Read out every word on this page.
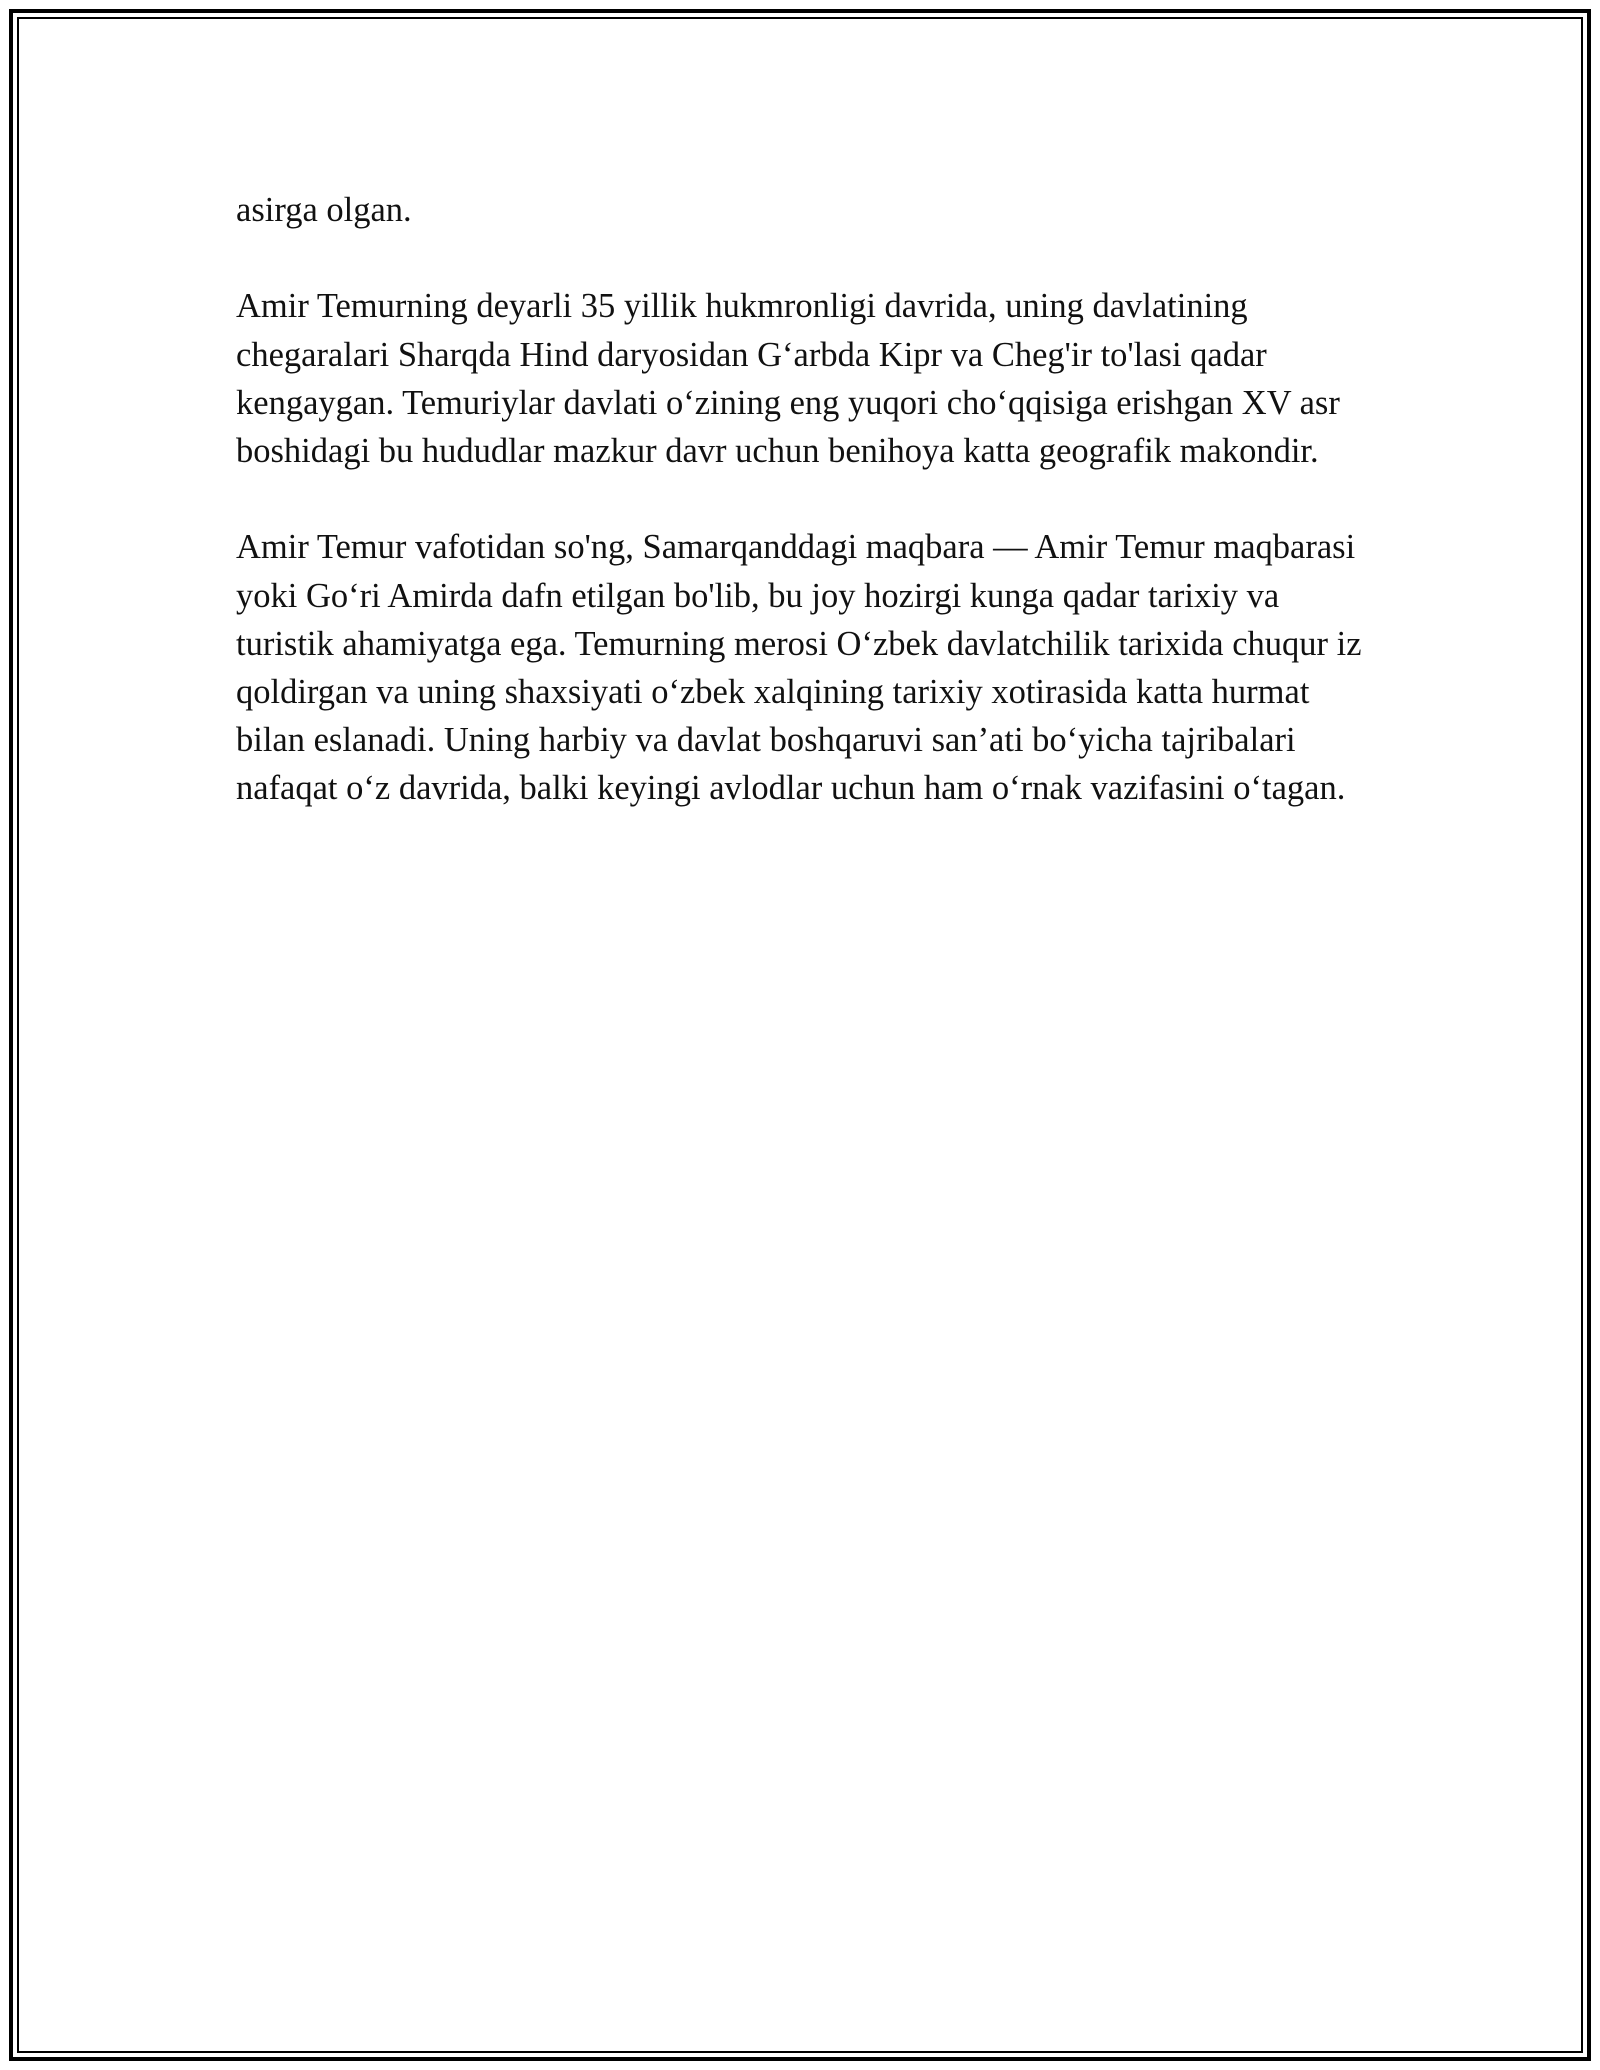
asirga olgan.

Amir Temurning deyarli 35 yillik hukmronligi davrida, uning davlatining chegaralari Sharqda Hind daryosidan G‘arbda Kipr va Cheg'ir to'lasi qadar kengaygan. Temuriylar davlati o‘zining eng yuqori cho‘qqisiga erishgan XV asr boshidagi bu hududlar mazkur davr uchun benihoya katta geografik makondir.

Amir Temur vafotidan so'ng, Samarqanddagi maqbara — Amir Temur maqbarasi yoki Go‘ri Amirda dafn etilgan bo'lib, bu joy hozirgi kunga qadar tarixiy va turistik ahamiyatga ega. Temurning merosi O‘zbek davlatchilik tarixida chuqur iz qoldirgan va uning shaxsiyati o‘zbek xalqining tarixiy xotirasida katta hurmat bilan eslanadi. Uning harbiy va davlat boshqaruvi san’ati bo‘yicha tajribalari nafaqat o‘z davrida, balki keyingi avlodlar uchun ham o‘rnak vazifasini o‘tagan.
